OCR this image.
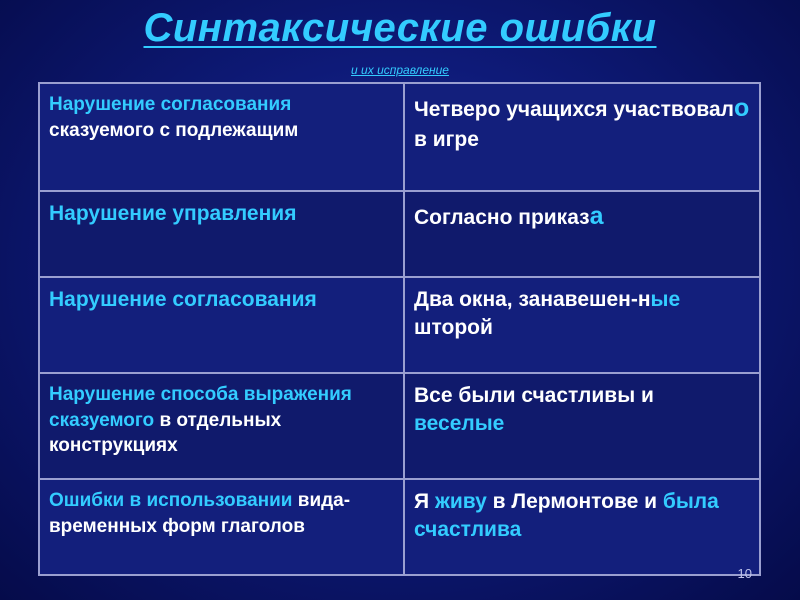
Синтаксические ошибки
и их исправление
Нарушение согласования сказуемого с подлежащим	Четверо учащихся участвовало в игре
Нарушение управления	Согласно приказа
Нарушение согласования	Два окна, занавешен-ные шторой
Нарушение способа выражения сказуемого в отдельных конструкциях	Все были счастливы и веселые
Ошибки в использовании вида-временных форм глаголов	Я живу в Лермонтове и была счастлива
10
